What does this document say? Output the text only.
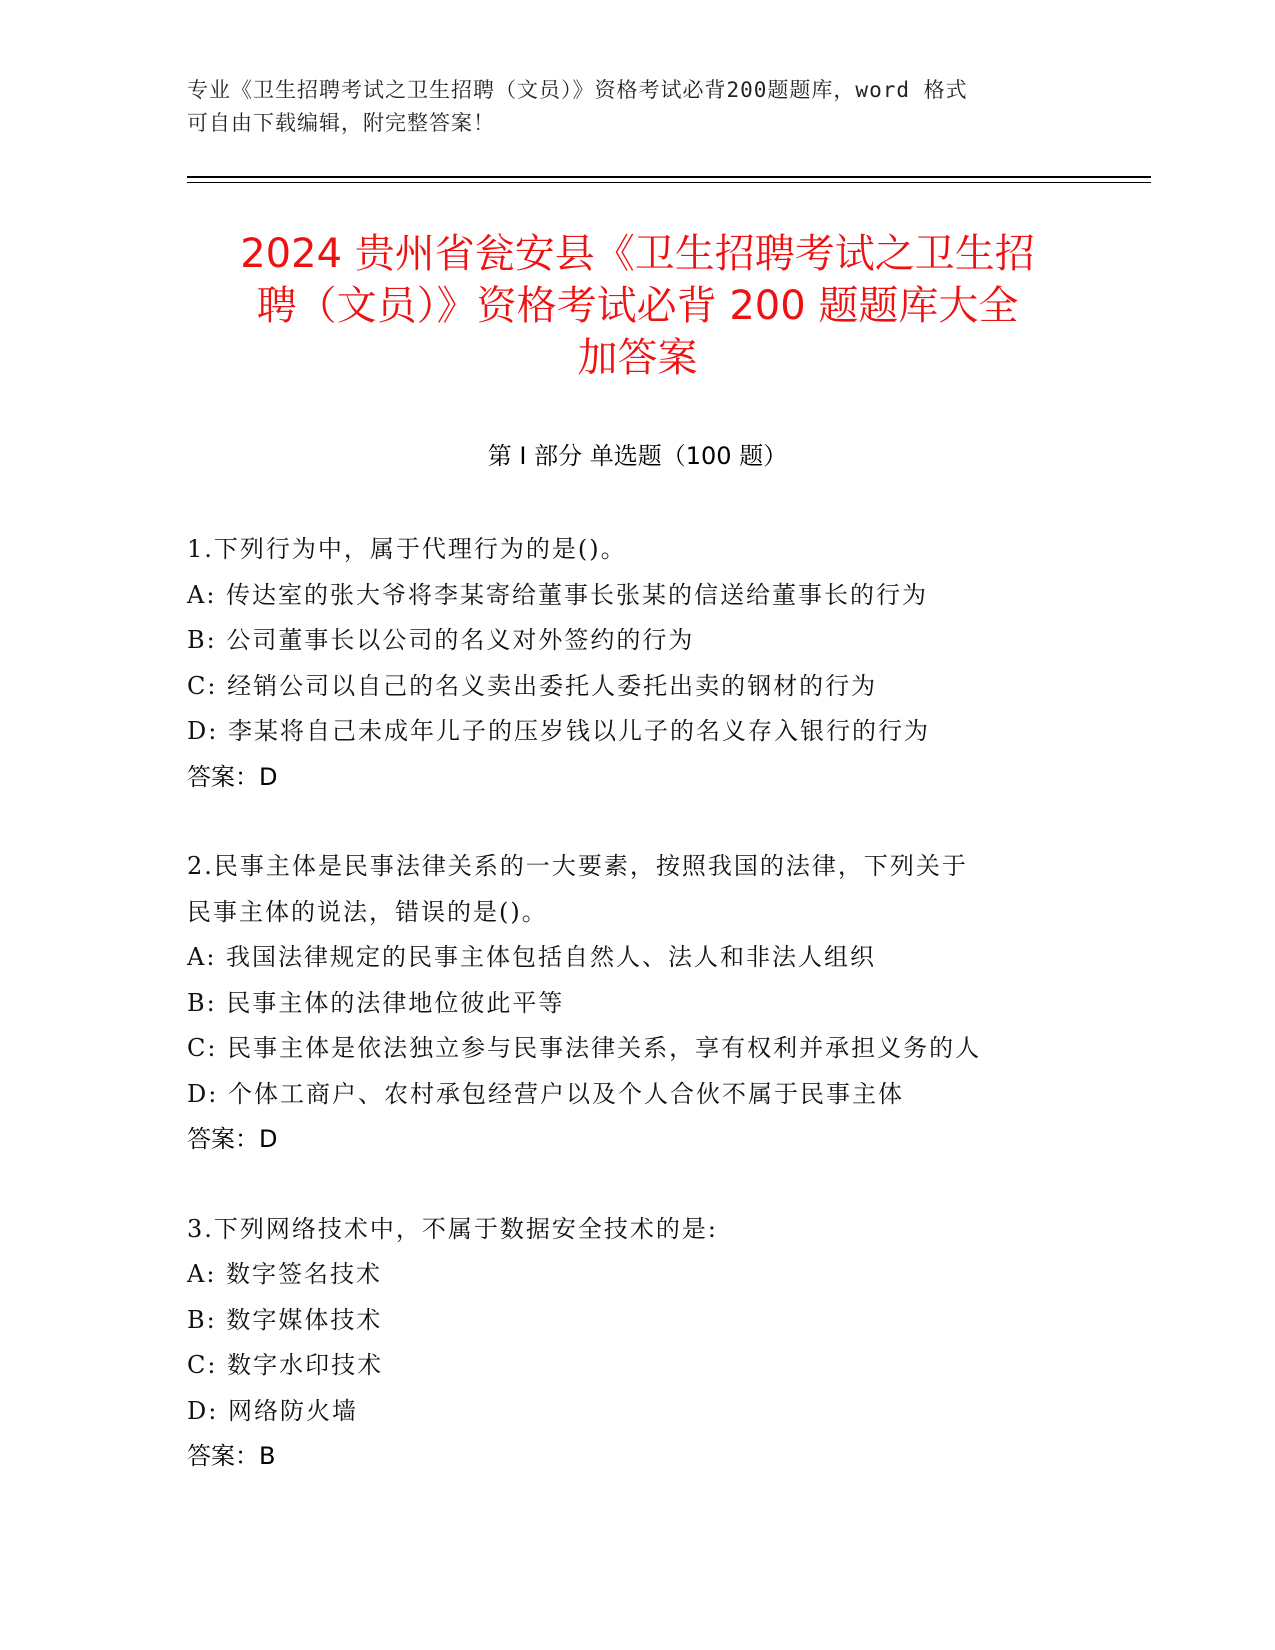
专业《卫生招聘考试之卫生招聘（文员）》资格考试必背200题题库，word 格式
可自由下载编辑，附完整答案！
2024 贵州省瓮安县《卫生招聘考试之卫生招
聘（文员）》资格考试必背 200 题题库大全
加答案
第 I 部分 单选题（100 题）
1.下列行为中，属于代理行为的是()。
A: 传达室的张大爷将李某寄给董事长张某的信送给董事长的行为
B: 公司董事长以公司的名义对外签约的行为
C: 经销公司以自己的名义卖出委托人委托出卖的钢材的行为
D: 李某将自己未成年儿子的压岁钱以儿子的名义存入银行的行为
答案：D
2.民事主体是民事法律关系的一大要素，按照我国的法律，下列关于
民事主体的说法，错误的是()。
A: 我国法律规定的民事主体包括自然人、法人和非法人组织
B: 民事主体的法律地位彼此平等
C: 民事主体是依法独立参与民事法律关系，享有权利并承担义务的人
D: 个体工商户、农村承包经营户以及个人合伙不属于民事主体
答案：D
3.下列网络技术中，不属于数据安全技术的是:
A: 数字签名技术
B: 数字媒体技术
C: 数字水印技术
D: 网络防火墙
答案：B
